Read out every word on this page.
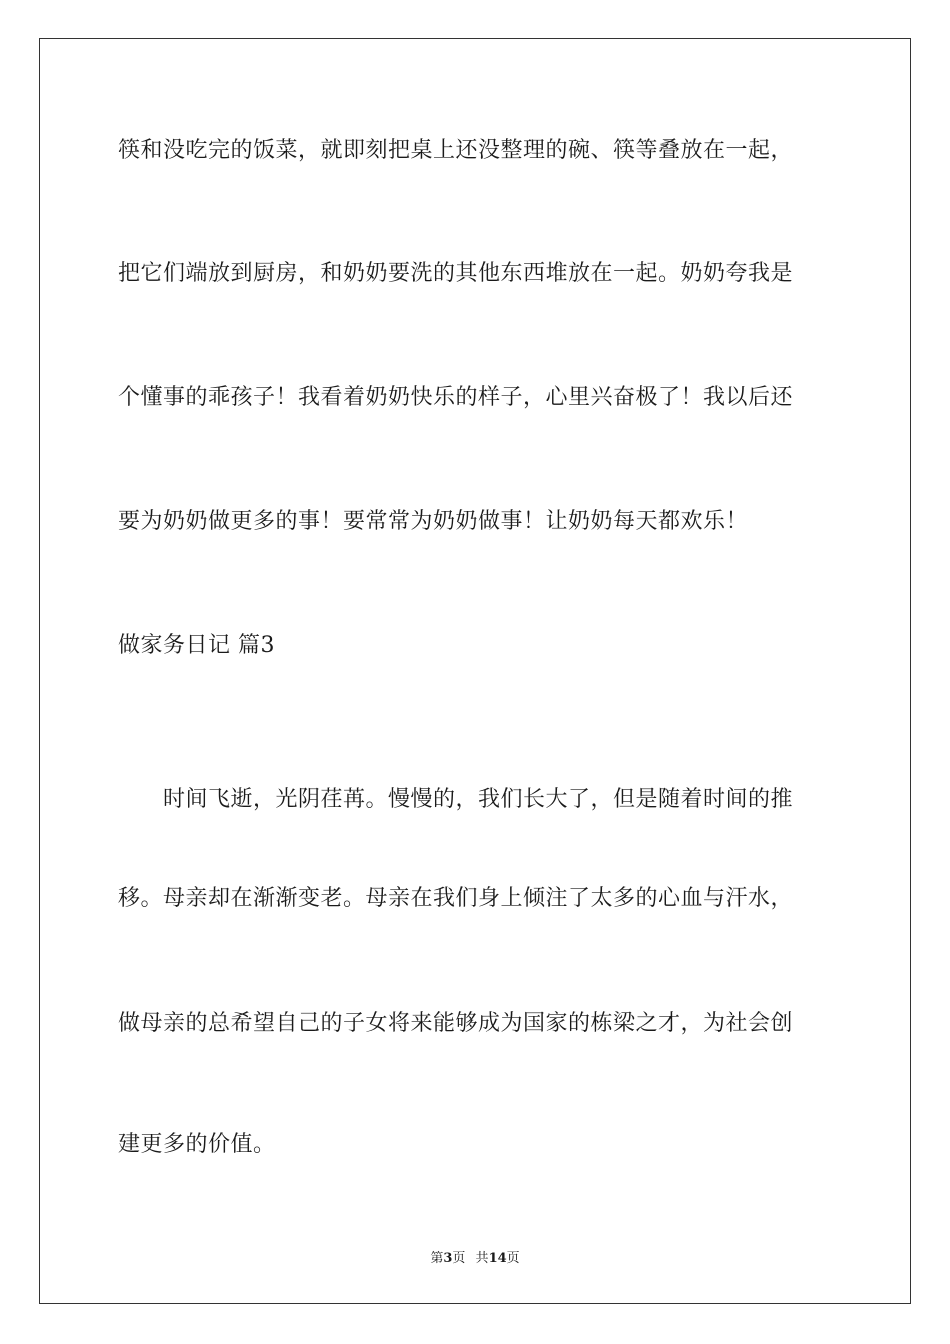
筷和没吃完的饭菜，就即刻把桌上还没整理的碗、筷等叠放在一起，
把它们端放到厨房，和奶奶要洗的其他东西堆放在一起。奶奶夸我是
个懂事的乖孩子！我看着奶奶快乐的样子，心里兴奋极了！我以后还
要为奶奶做更多的事！要常常为奶奶做事！让奶奶每天都欢乐！
做家务日记 篇3
时间飞逝，光阴荏苒。慢慢的，我们长大了，但是随着时间的推
移。母亲却在渐渐变老。母亲在我们身上倾注了太多的心血与汗水，
做母亲的总希望自己的子女将来能够成为国家的栋梁之才，为社会创
建更多的价值。
第3页 共14页
